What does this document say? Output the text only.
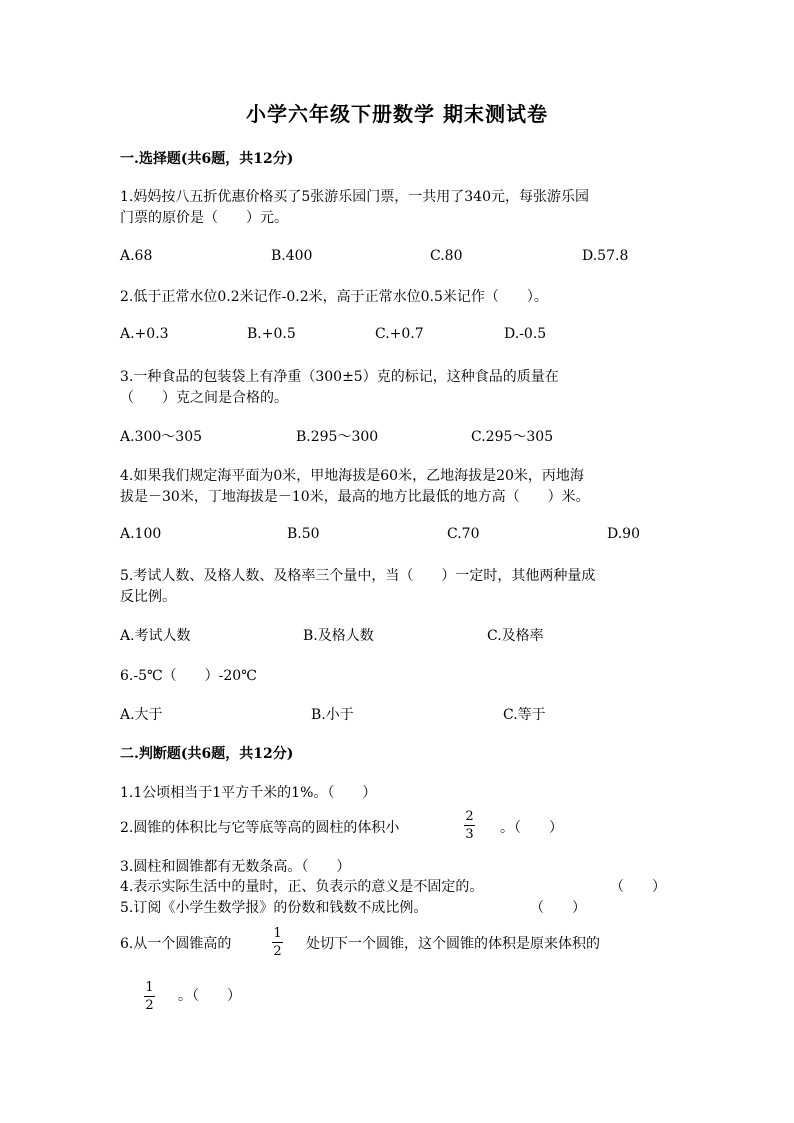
小学六年级下册数学 期末测试卷
一.选择题(共6题，共12分)
1.妈妈按八五折优惠价格买了5张游乐园门票，一共用了340元，每张游乐园
门票的原价是（　　）元。
A.68	B.400	C.80	D.57.8
2.低于正常水位0.2米记作-0.2米，高于正常水位0.5米记作（　　）。
A.+0.3	B.+0.5	C.+0.7	D.-0.5
3.一种食品的包装袋上有净重（300±5）克的标记，这种食品的质量在
（　　）克之间是合格的。
A.300～305	B.295～300	C.295～305
4.如果我们规定海平面为0米，甲地海拔是60米，乙地海拔是20米，丙地海
拔是－30米，丁地海拔是－10米，最高的地方比最低的地方高（　　）米。
A.100	B.50	C.70	D.90
5.考试人数、及格人数、及格率三个量中，当（　　）一定时，其他两种量成
反比例。
A.考试人数	B.及格人数	C.及格率
6.-5℃（　　）-20℃
A.大于	B.小于	C.等于
二.判断题(共6题，共12分)
1.1公顷相当于1平方千米的1%。（　　）
2.圆锥的体积比与它等底等高的圆柱的体积小
2
3 。（　　）
3.圆柱和圆锥都有无数条高。（　　）
4.表示实际生活中的量时，正、负表示的意义是不固定的。	（　　）
5.订阅《小学生数学报》的份数和钱数不成比例。	（　　）
6.从一个圆锥高的
1
2 处切下一个圆锥，这个圆锥的体积是原来体积的
1
2
。（　　）
